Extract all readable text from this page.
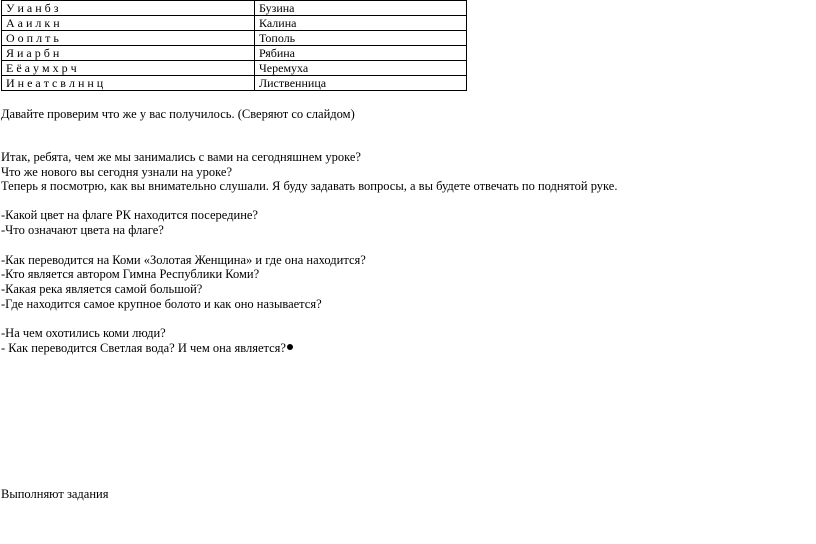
У и а н б з	Бузина
А а и л к н	Калина
О о п л т ь	Тополь
Я и а р б н	Рябина
Е ё а у м х р ч	Черемуха
И н е а т с в л н н ц	Лиственница
Давайте проверим что же у вас получилось. (Сверяют со слайдом)
Итак, ребята, чем же мы занимались с вами на сегодняшнем уроке?
Что же нового вы сегодня узнали на уроке?
Теперь я посмотрю, как вы внимательно слушали. Я буду задавать вопросы, а вы будете отвечать по поднятой руке.
-Какой цвет на флаге РК находится посередине?
-Что означают цвета на флаге?
-Как переводится на Коми «Золотая Женщина» и где она находится?
-Кто является автором Гимна Республики Коми?
-Какая река является самой большой?
-Где находится самое крупное болото и как оно называется?
-На чем охотились коми люди?
- Как переводится Светлая вода? И чем она является?
Выполняют задания
